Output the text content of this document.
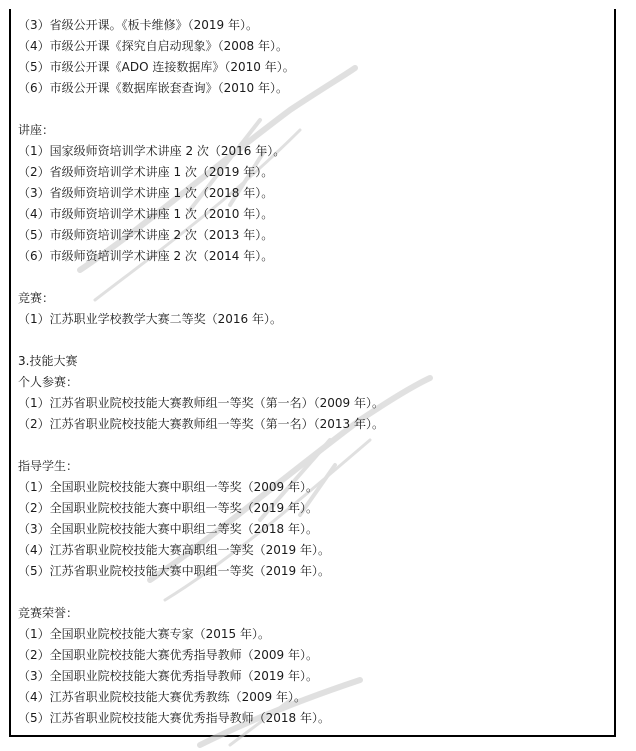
（3）省级公开课。《板卡维修》（2019 年）。
（4）市级公开课《探究自启动现象》（2008 年）。
（5）市级公开课《ADO 连接数据库》（2010 年）。
（6）市级公开课《数据库嵌套查询》（2010 年）。
讲座：
（1）国家级师资培训学术讲座 2 次（2016 年）。
（2）省级师资培训学术讲座 1 次（2019 年）。
（3）省级师资培训学术讲座 1 次（2018 年）。
（4）市级师资培训学术讲座 1 次（2010 年）。
（5）市级师资培训学术讲座 2 次（2013 年）。
（6）市级师资培训学术讲座 2 次（2014 年）。
竞赛：
（1）江苏职业学校教学大赛二等奖（2016 年）。
3.技能大赛
个人参赛：
（1）江苏省职业院校技能大赛教师组一等奖（第一名）（2009 年）。
（2）江苏省职业院校技能大赛教师组一等奖（第一名）（2013 年）。
指导学生：
（1）全国职业院校技能大赛中职组一等奖（2009 年）。
（2）全国职业院校技能大赛中职组一等奖（2019 年）。
（3）全国职业院校技能大赛中职组二等奖（2018 年）。
（4）江苏省职业院校技能大赛高职组一等奖（2019 年）。
（5）江苏省职业院校技能大赛中职组一等奖（2019 年）。
竞赛荣誉：
（1）全国职业院校技能大赛专家（2015 年）。
（2）全国职业院校技能大赛优秀指导教师（2009 年）。
（3）全国职业院校技能大赛优秀指导教师（2019 年）。
（4）江苏省职业院校技能大赛优秀教练（2009 年）。
（5）江苏省职业院校技能大赛优秀指导教师（2018 年）。
